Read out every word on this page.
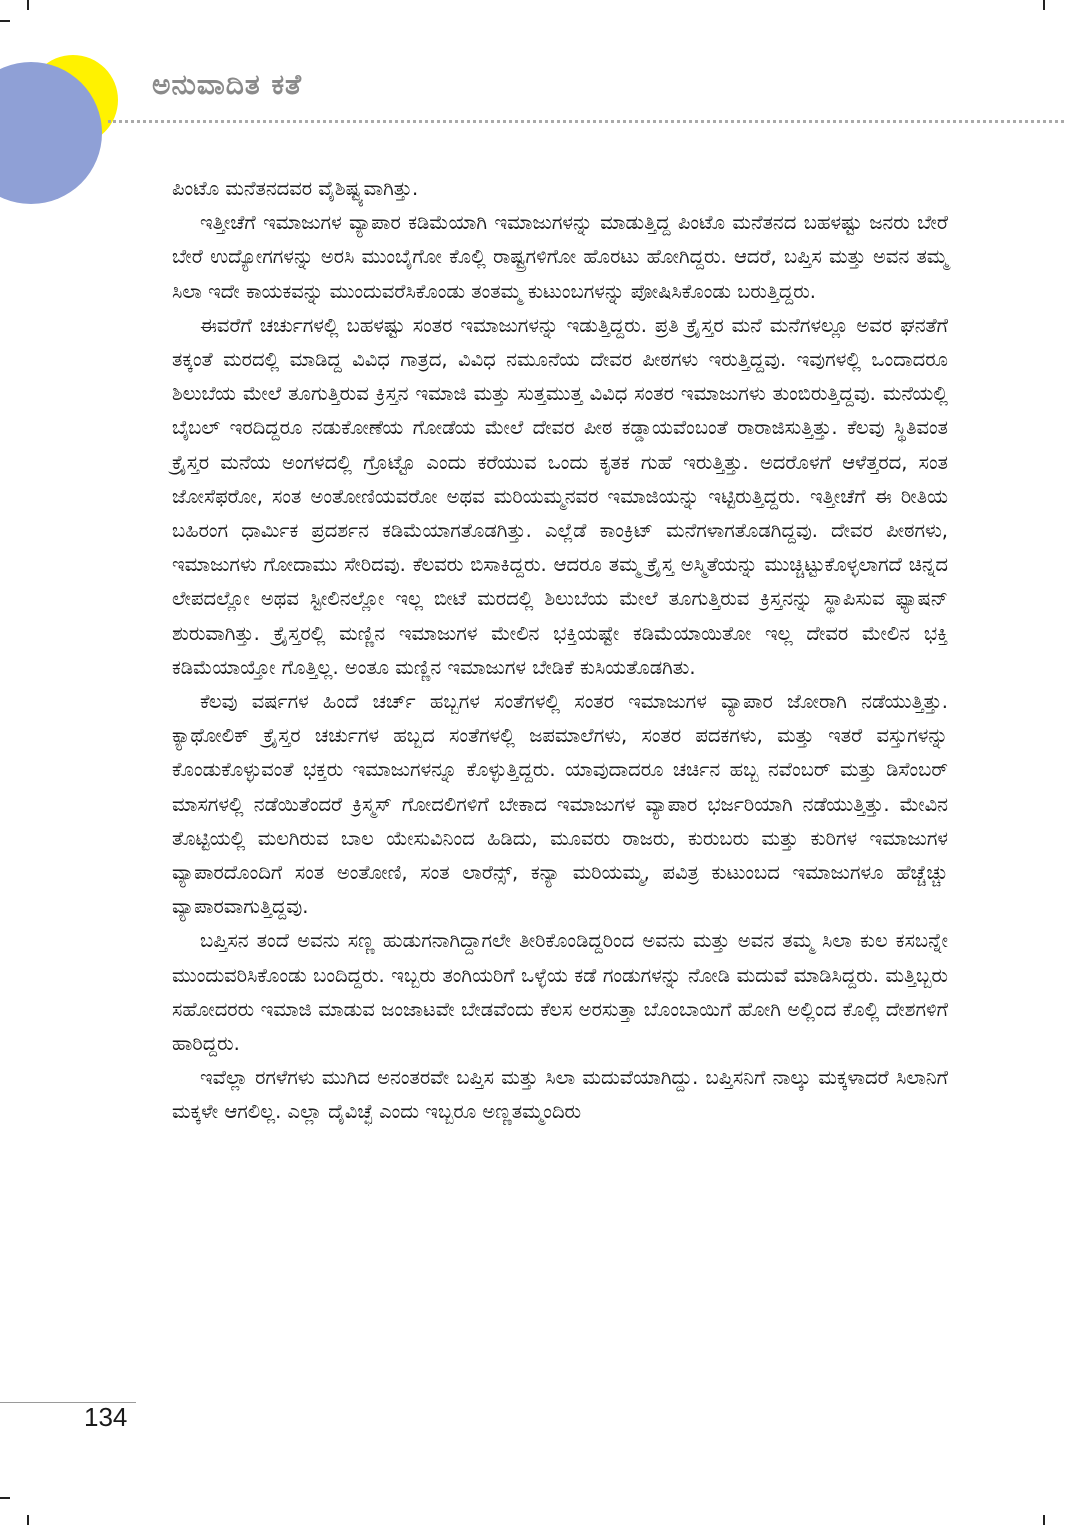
ಅನುವಾದಿತ ಕತೆ

ಪಿಂಟೊ ಮನೆತನದವರ ವೈಶಿಷ್ಟ್ಯವಾಗಿತ್ತು.

ಇತ್ತೀಚೆಗೆ ಇಮಾಜುಗಳ ವ್ಯಾಪಾರ ಕಡಿಮೆಯಾಗಿ ಇಮಾಜುಗಳನ್ನು ಮಾಡುತ್ತಿದ್ದ ಪಿಂಟೊ ಮನೆತನದ ಬಹಳಷ್ಟು ಜನರು ಬೇರೆ ಬೇರೆ ಉದ್ಯೋಗಗಳನ್ನು ಅರಸಿ ಮುಂಬೈಗೋ ಕೊಲ್ಲಿ ರಾಷ್ಟ್ರಗಳಿಗೋ ಹೊರಟು ಹೋಗಿದ್ದರು. ಆದರೆ, ಬಪ್ತಿಸ ಮತ್ತು ಅವನ ತಮ್ಮ ಸಿಲಾ ಇದೇ ಕಾಯಕವನ್ನು ಮುಂದುವರೆಸಿಕೊಂಡು ತಂತಮ್ಮ ಕುಟುಂಬಗಳನ್ನು ಪೋಷಿಸಿಕೊಂಡು ಬರುತ್ತಿದ್ದರು.

ಈವರೆಗೆ ಚರ್ಚುಗಳಲ್ಲಿ ಬಹಳಷ್ಟು ಸಂತರ ಇಮಾಜುಗಳನ್ನು ಇಡುತ್ತಿದ್ದರು. ಪ್ರತಿ ಕ್ರೈಸ್ತರ ಮನೆ ಮನೆಗಳಲ್ಲೂ ಅವರ ಘನತೆಗೆ ತಕ್ಕಂತೆ ಮರದಲ್ಲಿ ಮಾಡಿದ್ದ ವಿವಿಧ ಗಾತ್ರದ, ವಿವಿಧ ನಮೂನೆಯ ದೇವರ ಪೀಠಗಳು ಇರುತ್ತಿದ್ದವು. ಇವುಗಳಲ್ಲಿ ಒಂದಾದರೂ ಶಿಲುಬೆಯ ಮೇಲೆ ತೂಗುತ್ತಿರುವ ಕ್ರಿಸ್ತನ ಇಮಾಜಿ ಮತ್ತು ಸುತ್ತಮುತ್ತ ವಿವಿಧ ಸಂತರ ಇಮಾಜುಗಳು ತುಂಬಿರುತ್ತಿದ್ದವು. ಮನೆಯಲ್ಲಿ ಬೈಬಲ್ ಇರದಿದ್ದರೂ ನಡುಕೋಣೆಯ ಗೋಡೆಯ ಮೇಲೆ ದೇವರ ಪೀಠ ಕಡ್ಡಾಯವೆಂಬಂತೆ ರಾರಾಜಿಸುತ್ತಿತ್ತು. ಕೆಲವು ಸ್ಥಿತಿವಂತ ಕ್ರೈಸ್ತರ ಮನೆಯ ಅಂಗಳದಲ್ಲಿ ಗ್ರೊಟ್ಟೊ ಎಂದು ಕರೆಯುವ ಒಂದು ಕೃತಕ ಗುಹೆ ಇರುತ್ತಿತ್ತು. ಅದರೊಳಗೆ ಆಳೆತ್ತರದ, ಸಂತ ಜೋಸೆಫರೋ, ಸಂತ ಅಂತೋಣಿಯವರೋ ಅಥವ ಮರಿಯಮ್ಮನವರ ಇಮಾಜಿಯನ್ನು ಇಟ್ಟಿರುತ್ತಿದ್ದರು. ಇತ್ತೀಚೆಗೆ ಈ ರೀತಿಯ ಬಹಿರಂಗ ಧಾರ್ಮಿಕ ಪ್ರದರ್ಶನ ಕಡಿಮೆಯಾಗತೊಡಗಿತ್ತು. ಎಲ್ಲೆಡೆ ಕಾಂಕ್ರಿಟ್ ಮನೆಗಳಾಗತೊಡಗಿದ್ದವು. ದೇವರ ಪೀಠಗಳು, ಇಮಾಜುಗಳು ಗೋದಾಮು ಸೇರಿದವು. ಕೆಲವರು ಬಿಸಾಕಿದ್ದರು. ಆದರೂ ತಮ್ಮ ಕ್ರೈಸ್ತ ಅಸ್ಮಿತೆಯನ್ನು ಮುಚ್ಚಿಟ್ಟುಕೊಳ್ಳಲಾಗದೆ ಚಿನ್ನದ ಲೇಪದಲ್ಲೋ ಅಥವ ಸ್ಟೀಲಿನಲ್ಲೋ ಇಲ್ಲ ಬೀಟೆ ಮರದಲ್ಲಿ ಶಿಲುಬೆಯ ಮೇಲೆ ತೂಗುತ್ತಿರುವ ಕ್ರಿಸ್ತನನ್ನು ಸ್ಥಾಪಿಸುವ ಫ್ಯಾಷನ್ ಶುರುವಾಗಿತ್ತು. ಕ್ರೈಸ್ತರಲ್ಲಿ ಮಣ್ಣಿನ ಇಮಾಜುಗಳ ಮೇಲಿನ ಭಕ್ತಿಯಷ್ಟೇ ಕಡಿಮೆಯಾಯಿತೋ ಇಲ್ಲ ದೇವರ ಮೇಲಿನ ಭಕ್ತಿ ಕಡಿಮೆಯಾಯ್ತೋ ಗೊತ್ತಿಲ್ಲ. ಅಂತೂ ಮಣ್ಣಿನ ಇಮಾಜುಗಳ ಬೇಡಿಕೆ ಕುಸಿಯತೊಡಗಿತು.

ಕೆಲವು ವರ್ಷಗಳ ಹಿಂದೆ ಚರ್ಚ್ ಹಬ್ಬಗಳ ಸಂತೆಗಳಲ್ಲಿ ಸಂತರ ಇಮಾಜುಗಳ ವ್ಯಾಪಾರ ಜೋರಾಗಿ ನಡೆಯುತ್ತಿತ್ತು. ಕ್ಯಾಥೋಲಿಕ್ ಕ್ರೈಸ್ತರ ಚರ್ಚುಗಳ ಹಬ್ಬದ ಸಂತೆಗಳಲ್ಲಿ ಜಪಮಾಲೆಗಳು, ಸಂತರ ಪದಕಗಳು, ಮತ್ತು ಇತರೆ ವಸ್ತುಗಳನ್ನು ಕೊಂಡುಕೊಳ್ಳುವಂತೆ ಭಕ್ತರು ಇಮಾಜುಗಳನ್ನೂ ಕೊಳ್ಳುತ್ತಿದ್ದರು. ಯಾವುದಾದರೂ ಚರ್ಚಿನ ಹಬ್ಬ ನವೆಂಬರ್ ಮತ್ತು ಡಿಸೆಂಬರ್ ಮಾಸಗಳಲ್ಲಿ ನಡೆಯಿತೆಂದರೆ ಕ್ರಿಸ್ಮಸ್ ಗೋದಲಿಗಳಿಗೆ ಬೇಕಾದ ಇಮಾಜುಗಳ ವ್ಯಾಪಾರ ಭರ್ಜರಿಯಾಗಿ ನಡೆಯುತ್ತಿತ್ತು. ಮೇವಿನ ತೊಟ್ಟಿಯಲ್ಲಿ ಮಲಗಿರುವ ಬಾಲ ಯೇಸುವಿನಿಂದ ಹಿಡಿದು, ಮೂವರು ರಾಜರು, ಕುರುಬರು ಮತ್ತು ಕುರಿಗಳ ಇಮಾಜುಗಳ ವ್ಯಾಪಾರದೊಂದಿಗೆ ಸಂತ ಅಂತೋಣಿ, ಸಂತ ಲಾರೆನ್ಸ್, ಕನ್ಯಾ ಮರಿಯಮ್ಮ, ಪವಿತ್ರ ಕುಟುಂಬದ ಇಮಾಜುಗಳೂ ಹೆಚ್ಚೆಚ್ಚು ವ್ಯಾಪಾರವಾಗುತ್ತಿದ್ದವು.

ಬಪ್ತಿಸನ ತಂದೆ ಅವನು ಸಣ್ಣ ಹುಡುಗನಾಗಿದ್ದಾಗಲೇ ತೀರಿಕೊಂಡಿದ್ದರಿಂದ ಅವನು ಮತ್ತು ಅವನ ತಮ್ಮ ಸಿಲಾ ಕುಲ ಕಸಬನ್ನೇ ಮುಂದುವರಿಸಿಕೊಂಡು ಬಂದಿದ್ದರು. ಇಬ್ಬರು ತಂಗಿಯರಿಗೆ ಒಳ್ಳೆಯ ಕಡೆ ಗಂಡುಗಳನ್ನು ನೋಡಿ ಮದುವೆ ಮಾಡಿಸಿದ್ದರು. ಮತ್ತಿಬ್ಬರು ಸಹೋದರರು ಇಮಾಜಿ ಮಾಡುವ ಜಂಜಾಟವೇ ಬೇಡವೆಂದು ಕೆಲಸ ಅರಸುತ್ತಾ ಬೊಂಬಾಯಿಗೆ ಹೋಗಿ ಅಲ್ಲಿಂದ ಕೊಲ್ಲಿ ದೇಶಗಳಿಗೆ ಹಾರಿದ್ದರು.

ಇವೆಲ್ಲಾ ರಗಳೆಗಳು ಮುಗಿದ ಅನಂತರವೇ ಬಪ್ತಿಸ ಮತ್ತು ಸಿಲಾ ಮದುವೆಯಾಗಿದ್ದು. ಬಪ್ತಿಸನಿಗೆ ನಾಲ್ಕು ಮಕ್ಕಳಾದರೆ ಸಿಲಾನಿಗೆ ಮಕ್ಕಳೇ ಆಗಲಿಲ್ಲ. ಎಲ್ಲಾ ದೈವಿಚ್ಛೆ ಎಂದು ಇಬ್ಬರೂ ಅಣ್ಣತಮ್ಮಂದಿರು

134
